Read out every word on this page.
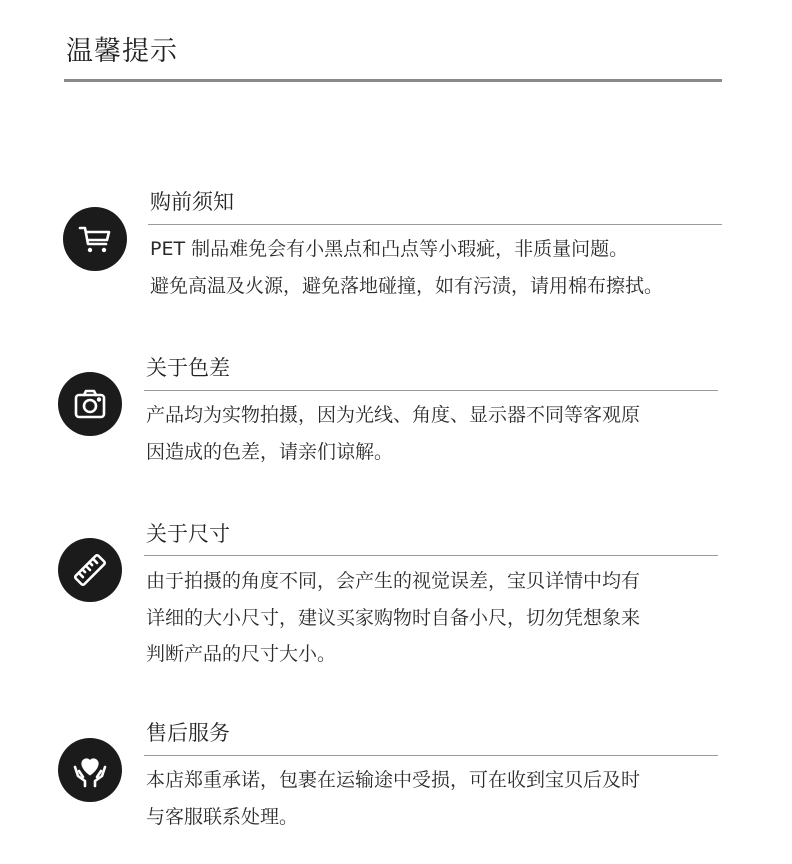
温馨提示
购前须知
PET 制品难免会有小黑点和凸点等小瑕疵，非质量问题。
避免高温及火源，避免落地碰撞，如有污渍，请用棉布擦拭。
关于色差
产品均为实物拍摄，因为光线、角度、显示器不同等客观原
因造成的色差，请亲们谅解。
关于尺寸
由于拍摄的角度不同，会产生的视觉误差，宝贝详情中均有
详细的大小尺寸，建议买家购物时自备小尺，切勿凭想象来
判断产品的尺寸大小。
售后服务
本店郑重承诺，包裹在运输途中受损，可在收到宝贝后及时
与客服联系处理。
